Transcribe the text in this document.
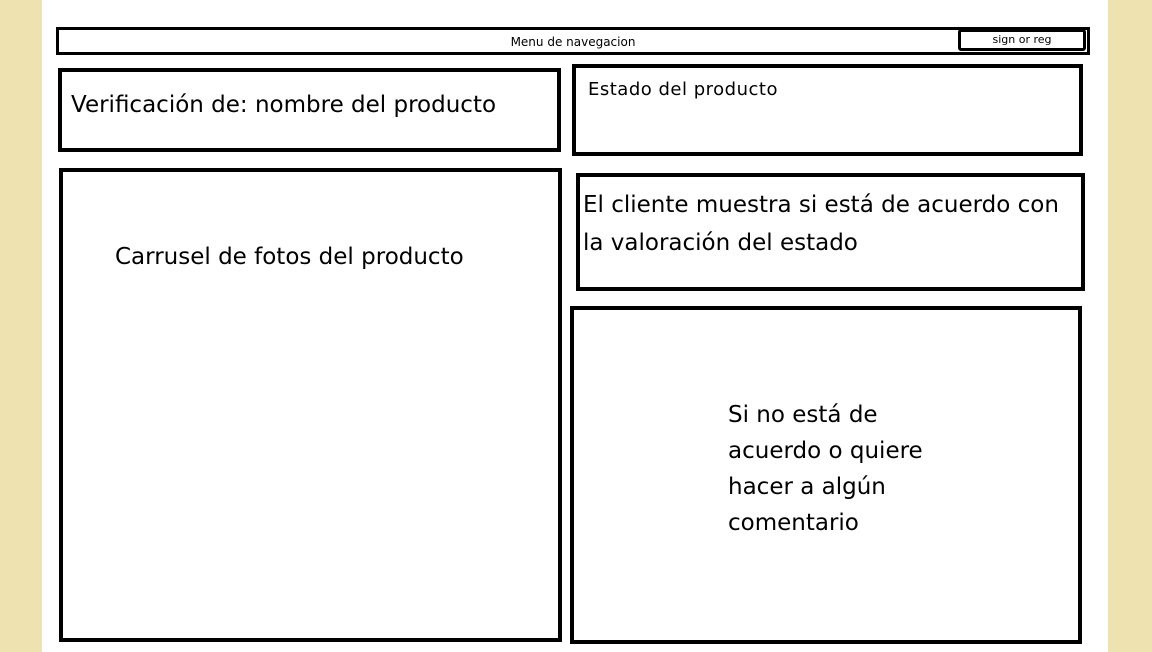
Menu de navegacion	sign or reg
Verificación de: nombre del producto
Estado del producto
Carrusel de fotos del producto
El cliente muestra si está de acuerdo con la valoración del estado
Si no está de acuerdo o quiere hacer a algún comentario
